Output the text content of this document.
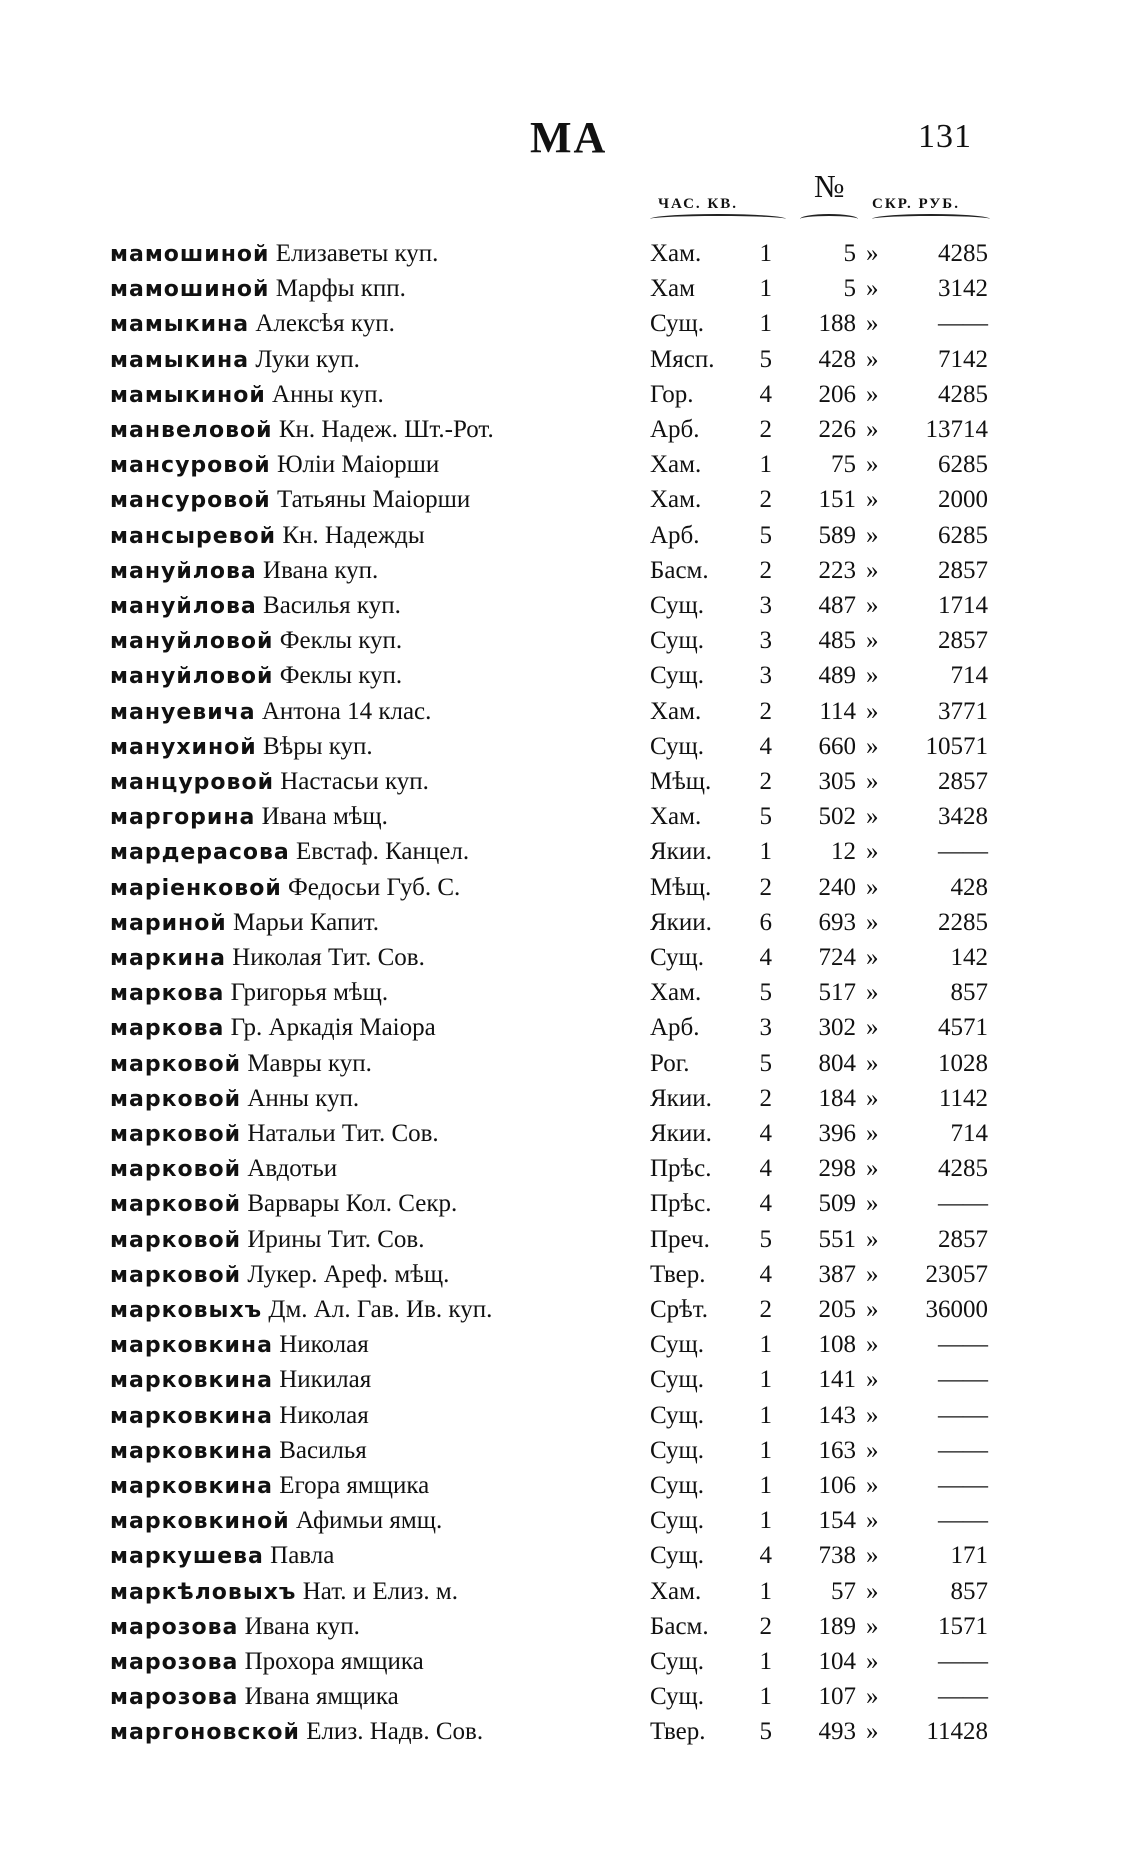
МА	131
ЧАС. КВ. № СКР. РУБ.
мамошиной Елизаветы куп.	Хам.	1	5 »	4285
мамошиной Марфы кпп.	Хам	1	5 »	3142
мамыкина Алексѣя куп.	Сущ.	1	188 »	——
мамыкина Луки куп.	Мясп.	5	428 »	7142
мамыкиной Анны куп.	Гор.	4	206 »	4285
манвеловой Кн. Надеж. Шт.-Рот.	Арб.	2	226 »	13714
мансуровой Юлiи Маiорши	Хам.	1	75 »	6285
мансуровой Татьяны Маiорши	Хам.	2	151 »	2000
мансыревой Кн. Надежды	Арб.	5	589 »	6285
мануйлова Ивана куп.	Басм.	2	223 »	2857
мануйлова Василья куп.	Сущ.	3	487 »	1714
мануйловой Феклы куп.	Сущ.	3	485 »	2857
мануйловой Феклы куп.	Сущ.	3	489 »	714
мануевича Антона 14 клас.	Хам.	2	114 »	3771
манухиной Вѣры куп.	Сущ.	4	660 »	10571
манцуровой Настасьи куп.	Мѣщ.	2	305 »	2857
маргорина Ивана мѣщ.	Хам.	5	502 »	3428
мардерасова Евстаф. Канцел.	Якии.	1	12 »	——
марiенковой Федосьи Губ. С.	Мѣщ.	2	240 »	428
мариной Марьи Капит.	Якии.	6	693 »	2285
маркина Николая Тит. Сов.	Сущ.	4	724 »	142
маркова Григорья мѣщ.	Хам.	5	517 »	857
маркова Гр. Аркадiя Маiора	Арб.	3	302 »	4571
марковой Мавры куп.	Рог.	5	804 »	1028
марковой Анны куп.	Якии.	2	184 »	1142
марковой Натальи Тит. Сов.	Якии.	4	396 »	714
марковой Авдотьи	Прѣс.	4	298 »	4285
марковой Варвары Кол. Секр.	Прѣс.	4	509 »	——
марковой Ирины Тит. Сов.	Преч.	5	551 »	2857
марковой Лукер. Ареф. мѣщ.	Твер.	4	387 »	23057
марковыхъ Дм. Ал. Гав. Ив. куп.	Срѣт.	2	205 »	36000
марковкина Николая	Сущ.	1	108 »	——
марковкина Никилая	Сущ.	1	141 »	——
марковкина Николая	Сущ.	1	143 »	——
марковкина Василья	Сущ.	1	163 »	——
марковкина Егора ямщика	Сущ.	1	106 »	——
марковкиной Афимьи ямщ.	Сущ.	1	154 »	——
маркушева Павла	Сущ.	4	738 »	171
маркѣловыхъ Нат. и Елиз. м.	Хам.	1	57 »	857
марозова Ивана куп.	Басм.	2	189 »	1571
марозова Прохора ямщика	Сущ.	1	104 »	——
марозова Ивана ямщика	Сущ.	1	107 »	——
маргоновской Елиз. Надв. Сов.	Твер.	5	493 »	11428
